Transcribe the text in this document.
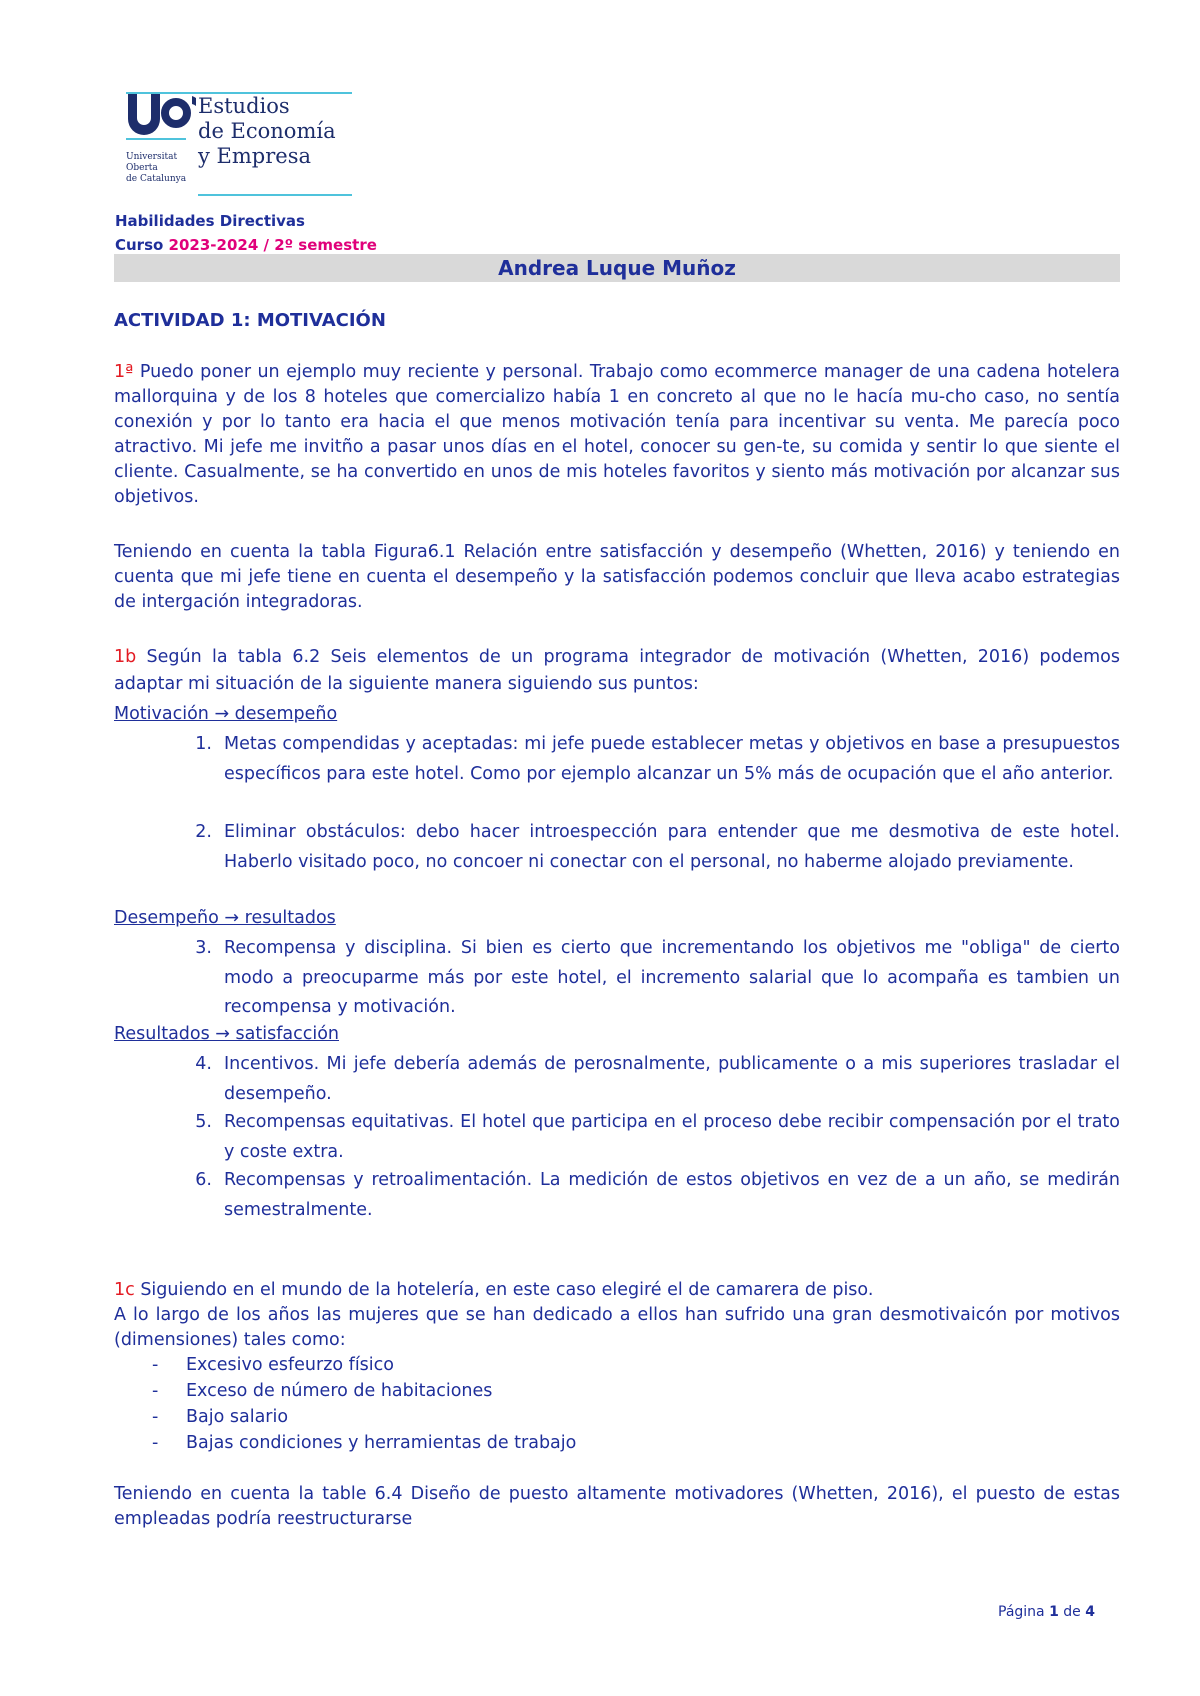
Universitat
Oberta
de Catalunya
Estudios
de Economía
y Empresa
Habilidades Directivas
Curso 2023-2024 / 2º semestre
Andrea Luque Muñoz
ACTIVIDAD 1: MOTIVACIÓN
1ª Puedo poner un ejemplo muy reciente y personal. Trabajo como ecommerce manager de una cadena hotelera mallorquina y de los 8 hoteles que comercializo había 1 en concreto al que no le hacía mu-cho caso, no sentía conexión y por lo tanto era hacia el que menos motivación tenía para incentivar su venta. Me parecía poco atractivo. Mi jefe me invitño a pasar unos días en el hotel, conocer su gen-te, su comida y sentir lo que siente el cliente. Casualmente, se ha convertido en unos de mis hoteles favoritos y siento más motivación por alcanzar sus objetivos.
Teniendo en cuenta la tabla Figura6.1 Relación entre satisfacción y desempeño (Whetten, 2016) y teniendo en cuenta que mi jefe tiene en cuenta el desempeño y la satisfacción podemos concluir que lleva acabo estrategias de intergación integradoras.
1b Según la tabla 6.2 Seis elementos de un programa integrador de motivación (Whetten, 2016) podemos adaptar mi situación de la siguiente manera siguiendo sus puntos:
Motivación → desempeño
1. Metas compendidas y aceptadas: mi jefe puede establecer metas y objetivos en base a presupuestos específicos para este hotel. Como por ejemplo alcanzar un 5% más de ocupación que el año anterior.
2. Eliminar obstáculos: debo hacer introespección para entender que me desmotiva de este hotel. Haberlo visitado poco, no concoer ni conectar con el personal, no haberme alojado previamente.
Desempeño → resultados
3. Recompensa y disciplina. Si bien es cierto que incrementando los objetivos me "obliga" de cierto modo a preocuparme más por este hotel, el incremento salarial que lo acompaña es tambien un recompensa y motivación.
Resultados → satisfacción
4. Incentivos. Mi jefe debería además de perosnalmente, publicamente o a mis superiores trasladar el desempeño.
5. Recompensas equitativas. El hotel que participa en el proceso debe recibir compensación por el trato y coste extra.
6. Recompensas y retroalimentación. La medición de estos objetivos en vez de a un año, se medirán semestralmente.
1c Siguiendo en el mundo de la hotelería, en este caso elegiré el de camarera de piso.
A lo largo de los años las mujeres que se han dedicado a ellos han sufrido una gran desmotivaicón por motivos (dimensiones) tales como:
- Excesivo esfeurzo físico
- Exceso de número de habitaciones
- Bajo salario
- Bajas condiciones y herramientas de trabajo
Teniendo en cuenta la table 6.4 Diseño de puesto altamente motivadores (Whetten, 2016), el puesto de estas empleadas podría reestructurarse
Página 1 de 4
